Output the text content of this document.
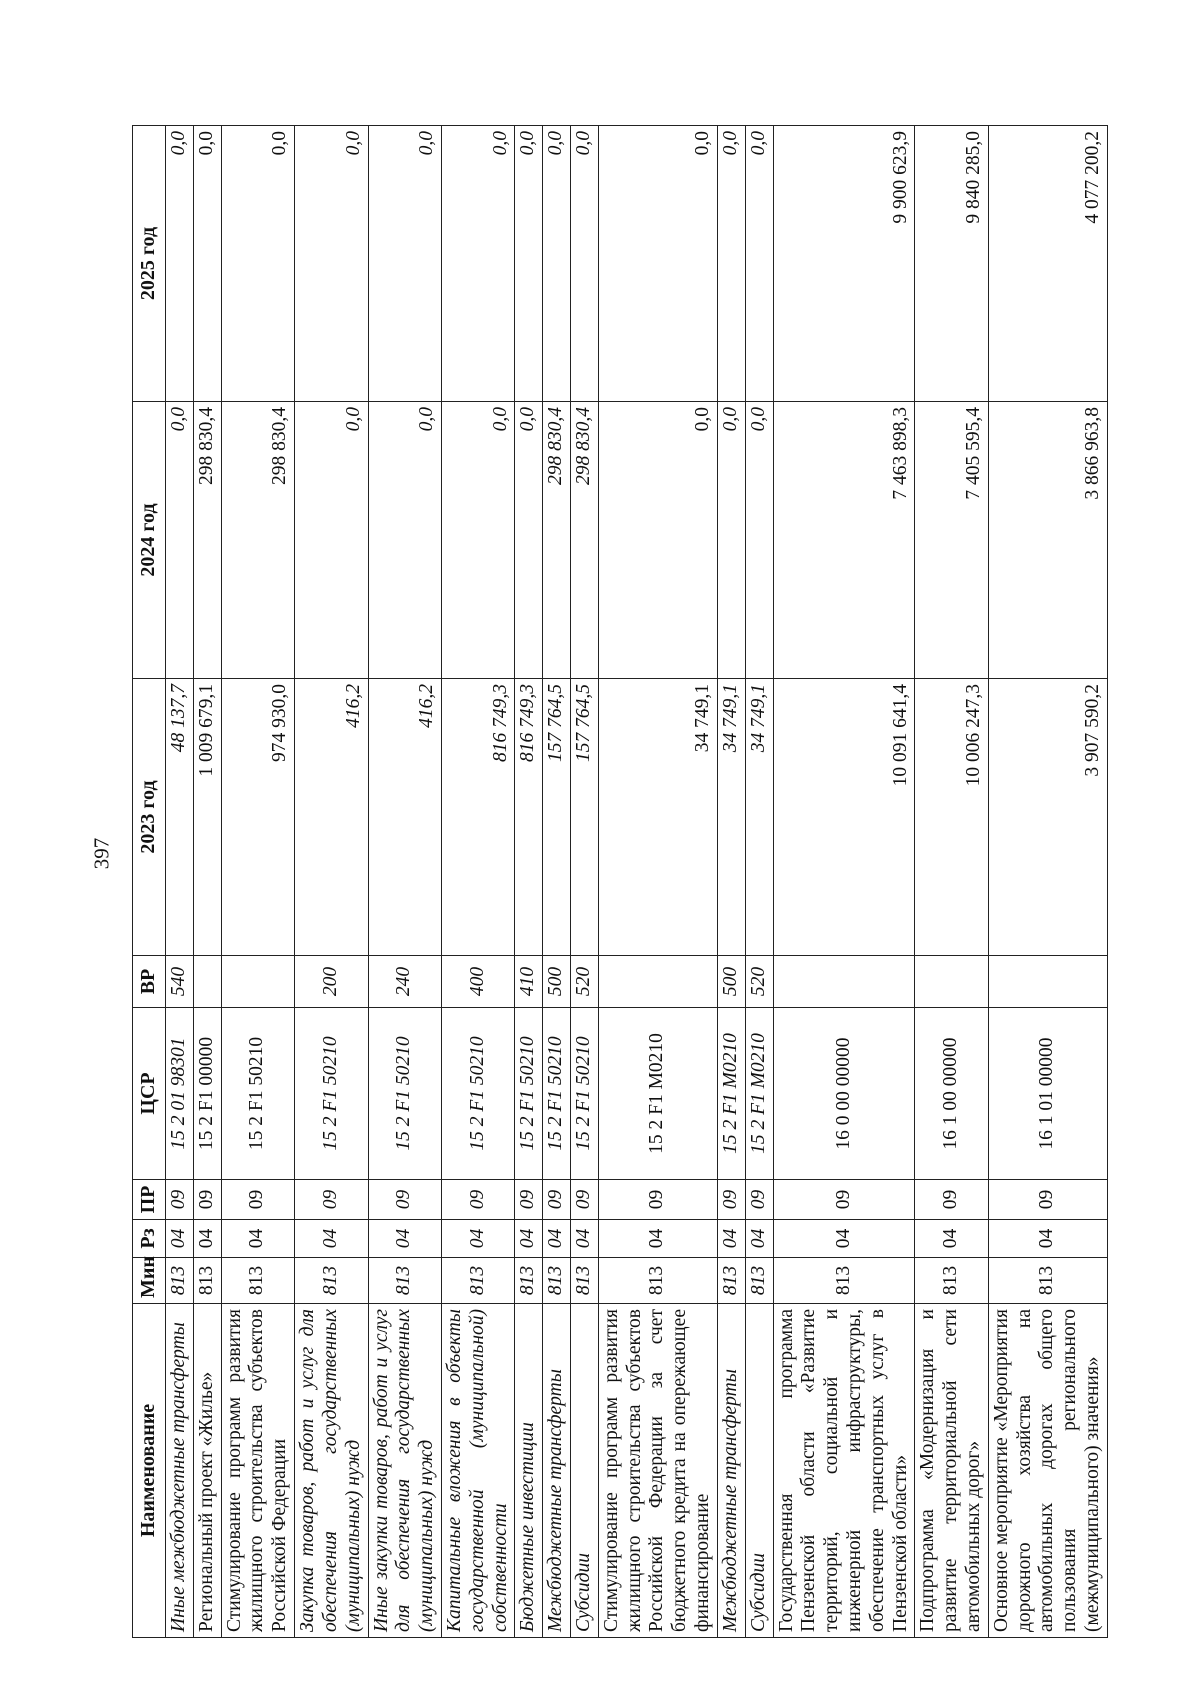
397
Наименование	Мин	Рз	ПР	ЦСР	ВР	2023 год	2024 год	2025 год
Иные межбюджетные трансферты	813	04	09	15 2 01 98301	540	48 137,7	0,0	0,0
Региональный проект «Жилье»	813	04	09	15 2 F1 00000		1 009 679,1	298 830,4	0,0
Стимулирование программ развития жилищного строительства субъектов Российской Федерации	813	04	09	15 2 F1 50210		974 930,0	298 830,4	0,0
Закупка товаров, работ и услуг для обеспечения государственных (муниципальных) нужд	813	04	09	15 2 F1 50210	200	416,2	0,0	0,0
Иные закупки товаров, работ и услуг для обеспечения государственных (муниципальных) нужд	813	04	09	15 2 F1 50210	240	416,2	0,0	0,0
Капитальные вложения в объекты государственной (муниципальной) собственности	813	04	09	15 2 F1 50210	400	816 749,3	0,0	0,0
Бюджетные инвестиции	813	04	09	15 2 F1 50210	410	816 749,3	0,0	0,0
Межбюджетные трансферты	813	04	09	15 2 F1 50210	500	157 764,5	298 830,4	0,0
Субсидии	813	04	09	15 2 F1 50210	520	157 764,5	298 830,4	0,0
Стимулирование программ развития жилищного строительства субъектов Российской Федерации за счет бюджетного кредита на опережающее финансирование	813	04	09	15 2 F1 M0210		34 749,1	0,0	0,0
Межбюджетные трансферты	813	04	09	15 2 F1 M0210	500	34 749,1	0,0	0,0
Субсидии	813	04	09	15 2 F1 M0210	520	34 749,1	0,0	0,0
Государственная программа Пензенской области «Развитие территорий, социальной и инженерной инфраструктуры, обеспечение транспортных услуг в Пензенской области»	813	04	09	16 0 00 00000		10 091 641,4	7 463 898,3	9 900 623,9
Подпрограмма «Модернизация и развитие территориальной сети автомобильных дорог»	813	04	09	16 1 00 00000		10 006 247,3	7 405 595,4	9 840 285,0
Основное мероприятие «Мероприятия дорожного хозяйства на автомобильных дорогах общего пользования регионального (межмуниципального) значения»	813	04	09	16 1 01 00000		3 907 590,2	3 866 963,8	4 077 200,2
